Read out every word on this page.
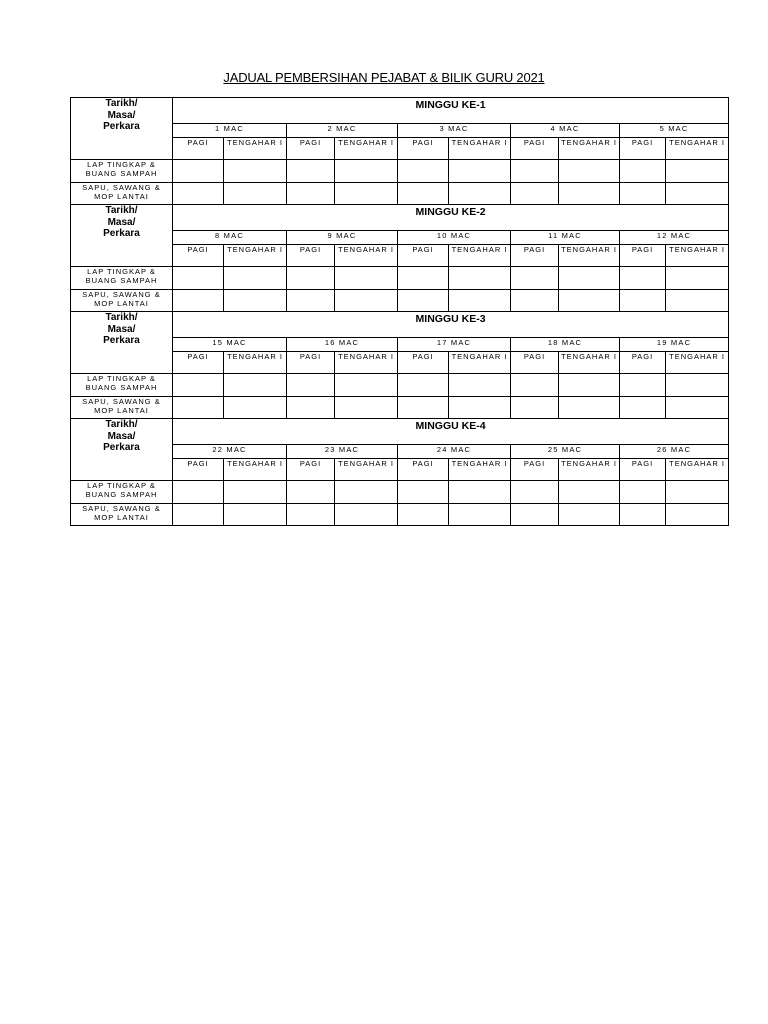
JADUAL PEMBERSIHAN PEJABAT & BILIK GURU 2021
Tarikh/
Masa/
Perkara	MINGGU KE-1									
	1 MAC		2 MAC		3 MAC		4 MAC		5 MAC	
	PAGI	TENGAHAR I	PAGI	TENGAHAR I	PAGI	TENGAHAR I	PAGI	TENGAHAR I	PAGI	TENGAHAR I

LAP TINGKAP &
BUANG SAMPAH										

SAPU, SAWANG &
MOP LANTAI										

Tarikh/
Masa/
Perkara	MINGGU KE-2									
	8 MAC		9 MAC		10 MAC		11 MAC		12 MAC	
	PAGI	TENGAHAR I	PAGI	TENGAHAR I	PAGI	TENGAHAR I	PAGI	TENGAHAR I	PAGI	TENGAHAR I

LAP TINGKAP &
BUANG SAMPAH										

SAPU, SAWANG &
MOP LANTAI										

Tarikh/
Masa/
Perkara	MINGGU KE-3									
	15 MAC		16 MAC		17 MAC		18 MAC		19 MAC	
	PAGI	TENGAHAR I	PAGI	TENGAHAR I	PAGI	TENGAHAR I	PAGI	TENGAHAR I	PAGI	TENGAHAR I

LAP TINGKAP &
BUANG SAMPAH										

SAPU, SAWANG &
MOP LANTAI										

Tarikh/
Masa/
Perkara	MINGGU KE-4									
	22 MAC		23 MAC		24 MAC		25 MAC		26 MAC	
	PAGI	TENGAHAR I	PAGI	TENGAHAR I	PAGI	TENGAHAR I	PAGI	TENGAHAR I	PAGI	TENGAHAR I

LAP TINGKAP &
BUANG SAMPAH										

SAPU, SAWANG &
MOP LANTAI										
